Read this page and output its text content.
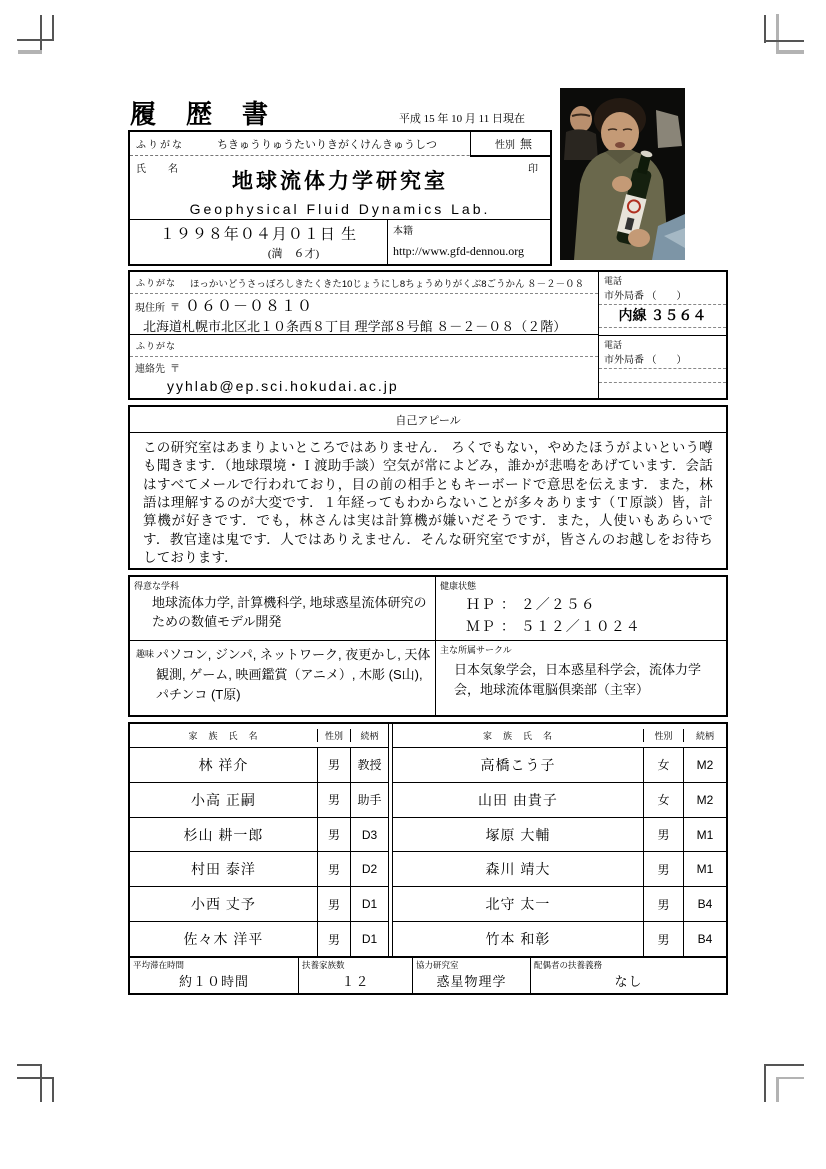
履　歴　書	平成 15 年 10 月 11 日現在
ふりがな	ちきゅうりゅうたいりきがくけんきゅうしつ	性別 無
氏　名	印
地球流体力学研究室
Geophysical Fluid Dynamics Lab.
１９９８年０４月０１日 生
(満　６才)
本籍
http://www.gfd-dennou.org
ふりがな	ほっかいどうさっぽろしきたくきた10じょうにし8ちょうめりがくぶ8ごうかん ８－２－０８
現住所 〒 ０６０－０８１０
北海道札幌市北区北１０条西８丁目 理学部８号館 ８－２－０８（２階）
ふりがな
連絡先 〒
yyhlab@ep.sci.hokudai.ac.jp
電話
市外局番 （　　）
内線 ３５６４
電話
市外局番 （　　）

自己アピール
この研究室はあまりよいところではありません． ろくでもない，やめたほうがよいという噂も聞きます．（地球環境・Ｉ渡助手談）空気が常によどみ，誰かが悲鳴をあげています．会話はすべてメールで行われており，目の前の相手ともキーボードで意思を伝えます．また，林語は理解するのが大変です．１年経ってもわからないことが多々あります（Ｔ原談）皆，計算機が好きです．でも，林さんは実は計算機が嫌いだそうです．また，人使いもあらいです．教官達は鬼です．人ではありえません．そんな研究室ですが，皆さんのお越しをお待ちしております．
得意な学科
地球流体力学, 計算機科学, 地球惑星流体研究のための数値モデル開発
健康状態
ＨＰ ： ２／２５６
ＭＰ ： ５１２／１０２４
趣味 パソコン, ジンパ, ネットワーク, 夜更かし, 天体観測, ゲーム, 映画鑑賞（アニメ）, 木彫 (S山), パチンコ (T原)
主な所属サークル
日本気象学会，日本惑星科学会，流体力学会，地球流体電脳倶楽部（主宰）
家　族　氏　名	性別	続柄
林 祥介	男	教授
小高 正嗣	男	助手
杉山 耕一郎	男	D3
村田 泰洋	男	D2
小西 丈予	男	D1
佐々木 洋平	男	D1
家　族　氏　名	性別	続柄
高橋こう子	女	M2
山田 由貴子	女	M2
塚原 大輔	男	M1
森川 靖大	男	M1
北守 太一	男	B4
竹本 和彰	男	B4
平均滞在時間
約１０時間
扶養家族数
１２
協力研究室
惑星物理学
配偶者の扶養義務
なし
